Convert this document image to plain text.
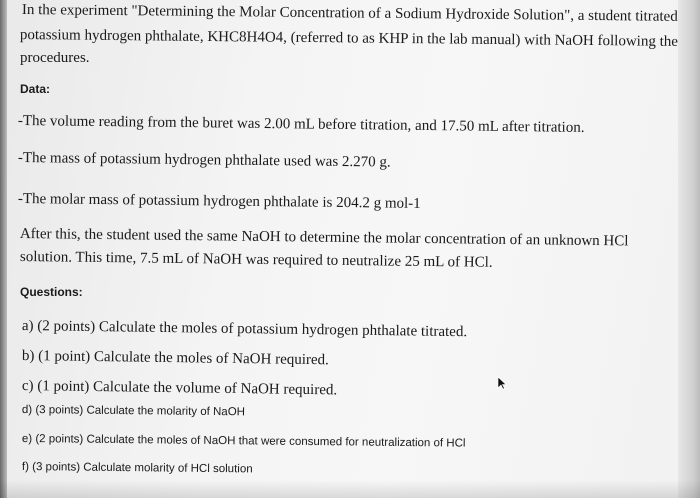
In the experiment "Determining the Molar Concentration of a Sodium Hydroxide Solution", a student titrated

potassium hydrogen phthalate, KHC8H4O4, (referred to as KHP in the lab manual) with NaOH following the

procedures.

Data:

-The volume reading from the buret was 2.00 mL before titration, and 17.50 mL after titration.

-The mass of potassium hydrogen phthalate used was 2.270 g.

-The molar mass of potassium hydrogen phthalate is 204.2 g mol-1

After this, the student used the same NaOH to determine the molar concentration of an unknown HCl

solution. This time, 7.5 mL of NaOH was required to neutralize 25 mL of HCl.

Questions:

a) (2 points) Calculate the moles of potassium hydrogen phthalate titrated.

b) (1 point) Calculate the moles of NaOH required.

c) (1 point) Calculate the volume of NaOH required.

d) (3 points) Calculate the molarity of NaOH

e) (2 points) Calculate the moles of NaOH that were consumed for neutralization of HCl

f) (3 points) Calculate molarity of HCl solution
